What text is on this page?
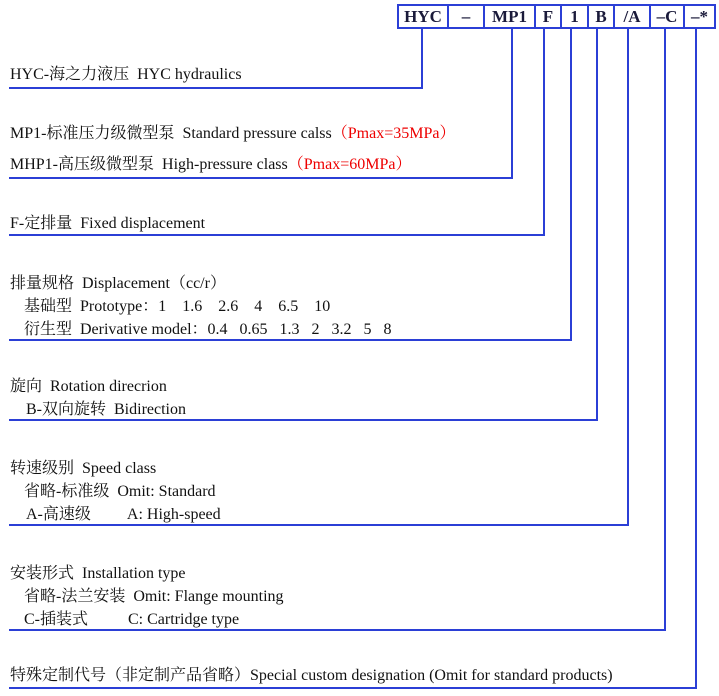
HYC	–	MP1 F	1 B /A –C –*
HYC-海之力液压  HYC hydraulics
MP1-标准压力级微型泵  Standard pressure calss（Pmax=35MPa）
MHP1-高压级微型泵  High-pressure class（Pmax=60MPa）
F-定排量  Fixed displacement
排量规格  Displacement（cc/r）
基础型  Prototype：1    1.6    2.6    4    6.5    10
衍生型  Derivative model：0.4   0.65   1.3   2   3.2   5   8
旋向  Rotation direcrion
B-双向旋转  Bidirection
转速级别  Speed class
省略-标准级  Omit: Standard
A-高速级         A: High-speed
安装形式  Installation type
省略-法兰安装  Omit: Flange mounting
C-插装式          C: Cartridge type
特殊定制代号（非定制产品省略）Special custom designation (Omit for standard products)
